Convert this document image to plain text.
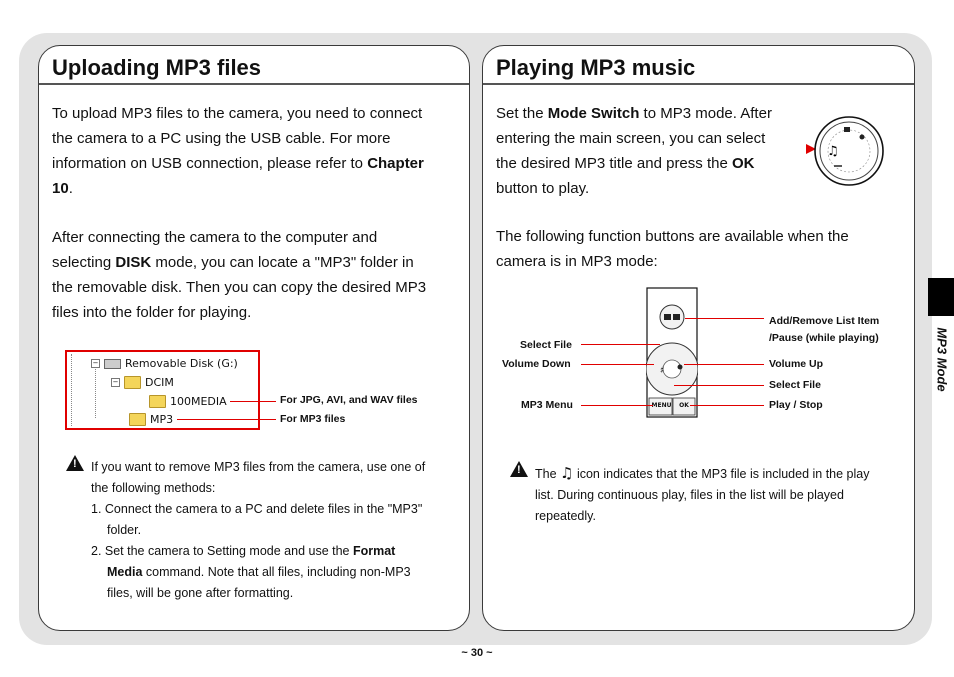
Uploading MP3 files
To upload MP3 files to the camera, you need to connect
the camera to a PC using the USB cable. For more
information on USB connection, please refer to Chapter
10.
After connecting the camera to the computer and
selecting DISK mode, you can locate a "MP3" folder in
the removable disk. Then you can copy the desired MP3
files into the folder for playing.
− Removable Disk (G:)
− DCIM
100MEDIA
MP3
For JPG, AVI, and WAV files
For MP3 files
!
If you want to remove MP3 files from the camera, use one of
the following methods:
1. Connect the camera to a PC and delete files in the "MP3"
folder.
2. Set the camera to Setting mode and use the Format
Media command. Note that all files, including non-MP3
files, will be gone after formatting.
Playing MP3 music
Set the Mode Switch to MP3 mode. After
entering the main screen, you can select
the desired MP3 title and press the OK
button to play.
♫
The following function buttons are available when the
camera is in MP3 mode:
♯
MENU	OK
Add/Remove List Item
/Pause (while playing)
Select File
Volume Down
MP3 Menu
Volume Up
Select File
Play / Stop
!
The ♫ icon indicates that the MP3 file is included in the play
list. During continuous play, files in the list will be played
repeatedly.
MP3 Mode
~ 30 ~
